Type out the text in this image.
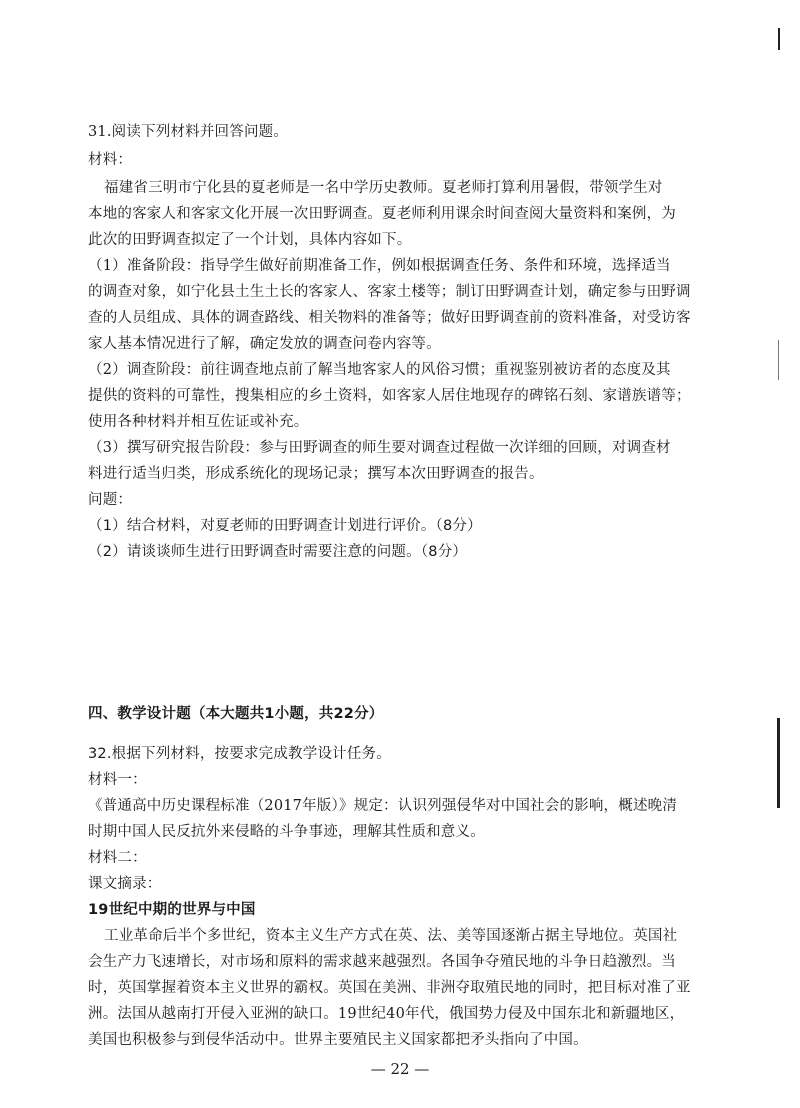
31.阅读下列材料并回答问题。
材料：
福建省三明市宁化县的夏老师是一名中学历史教师。夏老师打算利用暑假，带领学生对
本地的客家人和客家文化开展一次田野调查。夏老师利用课余时间查阅大量资料和案例，为
此次的田野调查拟定了一个计划，具体内容如下。
（1）准备阶段：指导学生做好前期准备工作，例如根据调查任务、条件和环境，选择适当
的调查对象，如宁化县土生土长的客家人、客家土楼等；制订田野调查计划，确定参与田野调
查的人员组成、具体的调查路线、相关物料的准备等；做好田野调查前的资料准备，对受访客
家人基本情况进行了解，确定发放的调查问卷内容等。
（2）调查阶段：前往调查地点前了解当地客家人的风俗习惯；重视鉴别被访者的态度及其
提供的资料的可靠性，搜集相应的乡土资料，如客家人居住地现存的碑铭石刻、家谱族谱等；
使用各种材料并相互佐证或补充。
（3）撰写研究报告阶段：参与田野调查的师生要对调查过程做一次详细的回顾，对调查材
料进行适当归类，形成系统化的现场记录；撰写本次田野调查的报告。
问题：
（1）结合材料，对夏老师的田野调查计划进行评价。（8分）
（2）请谈谈师生进行田野调查时需要注意的问题。（8分）
四、教学设计题（本大题共1小题，共22分）
32.根据下列材料，按要求完成教学设计任务。
材料一：
《普通高中历史课程标准（2017年版）》规定：认识列强侵华对中国社会的影响，概述晚清
时期中国人民反抗外来侵略的斗争事迹，理解其性质和意义。
材料二：
课文摘录：
19世纪中期的世界与中国
工业革命后半个多世纪，资本主义生产方式在英、法、美等国逐渐占据主导地位。英国社
会生产力飞速增长，对市场和原料的需求越来越强烈。各国争夺殖民地的斗争日趋激烈。当
时，英国掌握着资本主义世界的霸权。英国在美洲、非洲夺取殖民地的同时，把目标对准了亚
洲。法国从越南打开侵入亚洲的缺口。19世纪40年代，俄国势力侵及中国东北和新疆地区，
美国也积极参与到侵华活动中。世界主要殖民主义国家都把矛头指向了中国。
— 22 —
